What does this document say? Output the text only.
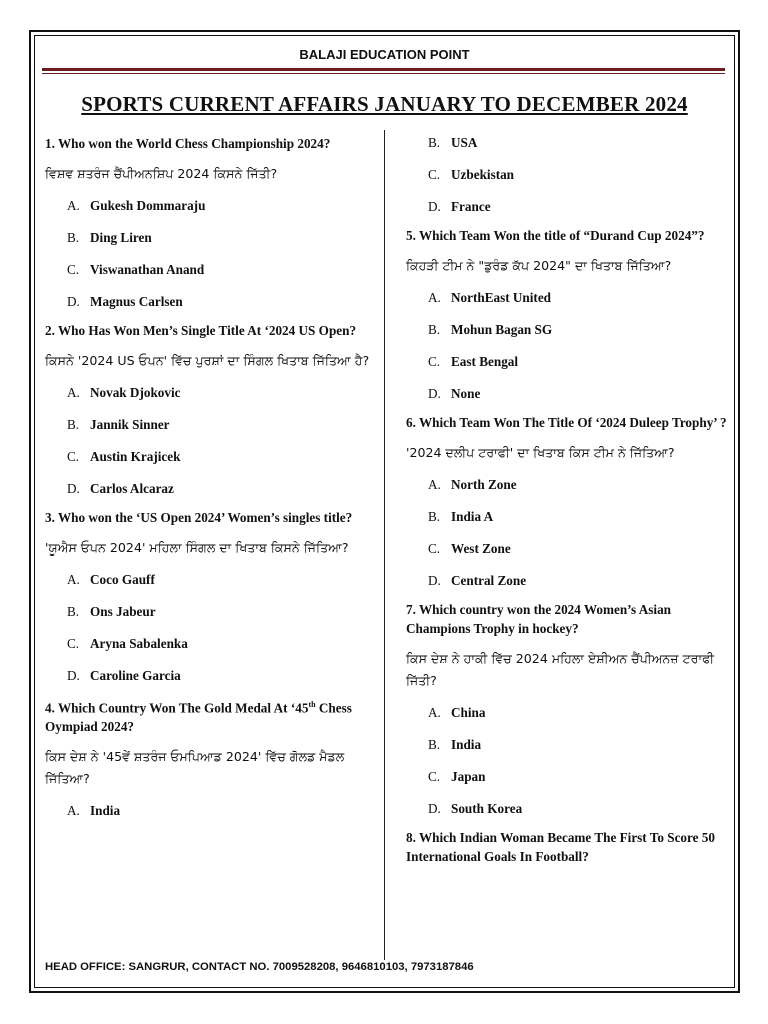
BALAJI EDUCATION POINT
SPORTS CURRENT AFFAIRS JANUARY TO DECEMBER 2024

1. Who won the World Chess Championship 2024?

ਵਿਸ਼ਵ ਸ਼ਤਰੰਜ ਚੈਂਪੀਅਨਸ਼ਿਪ 2024 ਕਿਸਨੇ ਜਿੱਤੀ?

A. Gukesh Dommaraju
B. Ding Liren
C. Viswanathan Anand
D. Magnus Carlsen

2. Who Has Won Men’s Single Title At ‘2024 US Open?

ਕਿਸਨੇ '2024 US ਓਪਨ' ਵਿੱਚ ਪੁਰਸ਼ਾਂ ਦਾ ਸਿੰਗਲ ਖਿਤਾਬ ਜਿੱਤਿਆ ਹੈ?

A. Novak Djokovic
B. Jannik Sinner
C. Austin Krajicek
D. Carlos Alcaraz

3. Who won the ‘US Open 2024’ Women’s singles title?

'ਯੂਐਸ ਓਪਨ 2024' ਮਹਿਲਾ ਸਿੰਗਲ ਦਾ ਖਿਤਾਬ ਕਿਸਨੇ ਜਿੱਤਿਆ?

A. Coco Gauff
B. Ons Jabeur
C. Aryna Sabalenka
D. Caroline Garcia

4. Which Country Won The Gold Medal At ‘45th Chess Oympiad 2024?

ਕਿਸ ਦੇਸ਼ ਨੇ '45ਵੇਂ ਸ਼ਤਰੰਜ ਓਮਪਿਆਡ 2024' ਵਿੱਚ ਗੋਲਡ ਮੈਡਲ ਜਿੱਤਿਆ?

A. India
B. USA
C. Uzbekistan
D. France

5. Which Team Won the title of “Durand Cup 2024”?

ਕਿਹੜੀ ਟੀਮ ਨੇ "ਡੁਰੰਡ ਕੱਪ 2024" ਦਾ ਖਿਤਾਬ ਜਿੱਤਿਆ?

A. NorthEast United
B. Mohun Bagan SG
C. East Bengal
D. None

6. Which Team Won The Title Of ‘2024 Duleep Trophy’ ?

'2024 ਦਲੀਪ ਟਰਾਫੀ' ਦਾ ਖਿਤਾਬ ਕਿਸ ਟੀਮ ਨੇ ਜਿੱਤਿਆ?

A. North Zone
B. India A
C. West Zone
D. Central Zone

7. Which country won the 2024 Women’s Asian Champions Trophy in hockey?

ਕਿਸ ਦੇਸ਼ ਨੇ ਹਾਕੀ ਵਿੱਚ 2024 ਮਹਿਲਾ ਏਸ਼ੀਅਨ ਚੈਂਪੀਅਨਜ਼ ਟਰਾਫੀ ਜਿੱਤੀ?

A. China
B. India
C. Japan
D. South Korea

8. Which Indian Woman Became The First To Score 50 International Goals In Football?

HEAD OFFICE: SANGRUR, CONTACT NO. 7009528208, 9646810103, 7973187846
